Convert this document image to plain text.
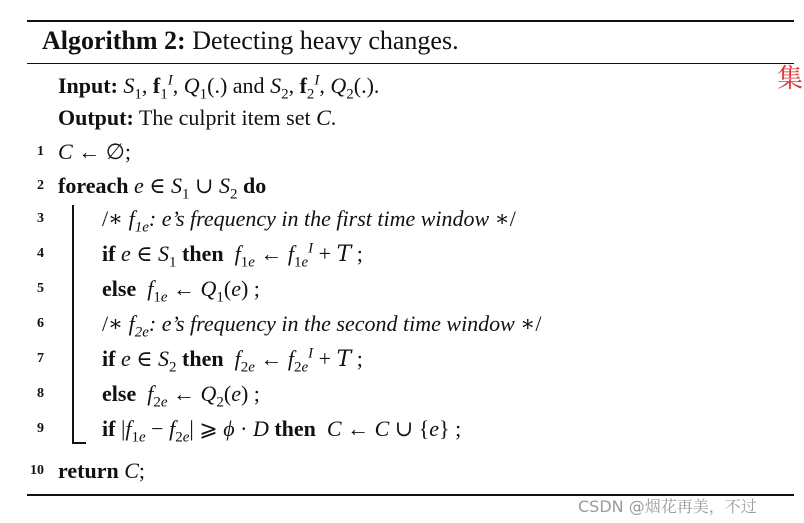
Algorithm 2: Detecting heavy changes.
Input: $S_1$, $f_1^I$, $Q_1(.)$ and $S_2$, $f_2^I$, $Q_2(.)$.
Output: The culprit item set C.
1
2
3
4
5
6
7
8
9
10
C ← ∅;
foreach e ∈ $S_1$ ∪ $S_2$ do
/∗ $f_{1e}$: e’s frequency in the first time window ∗/
if e ∈ $S_1$ then $f_{1e}$ ← $f_{1e}^I + T$ ;
else $f_{1e}$ ← $Q_1(e)$ ;
/∗ $f_{2e}$: e’s frequency in the second time window ∗/
if e ∈ $S_2$ then $f_{2e}$ ← $f_{2e}^I + T$ ;
else $f_{2e}$ ← $Q_2(e)$ ;
if $|f_{1e} - f_{2e}|$ ⩾ ϕ · D then C ← C ∪ {e} ;
return C;
集
CSDN @烟花再美，不过
